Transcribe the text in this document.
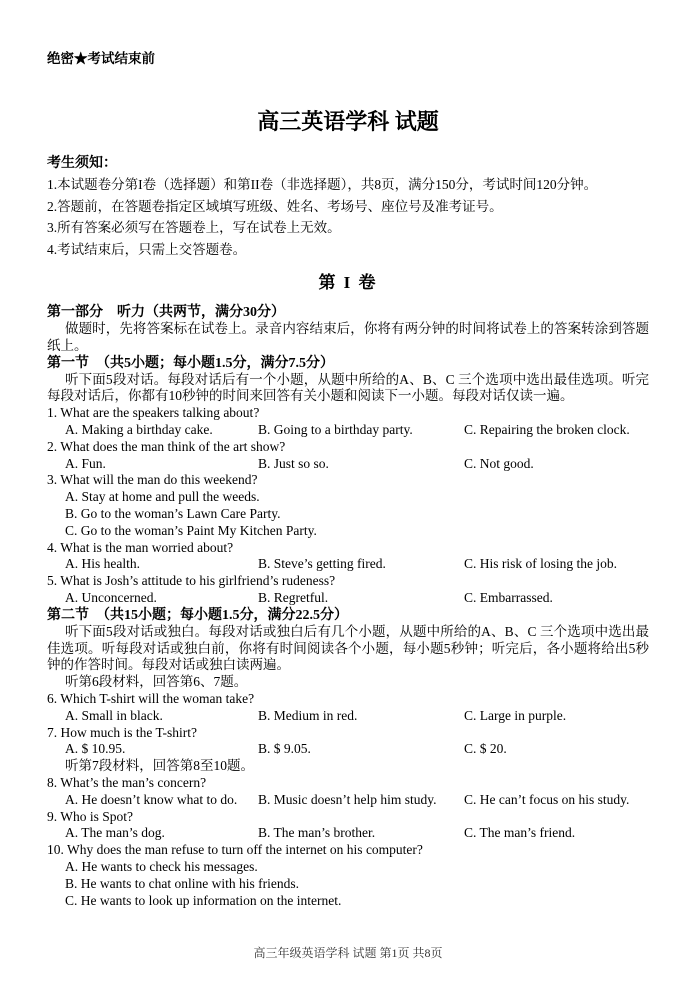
绝密★考试结束前
高三英语学科 试题
考生须知：
1.本试题卷分第I卷（选择题）和第II卷（非选择题），共8页，满分150分，考试时间120分钟。
2.答题前，在答题卷指定区域填写班级、姓名、考场号、座位号及准考证号。
3.所有答案必须写在答题卷上，写在试卷上无效。
4.考试结束后，只需上交答题卷。
第 I 卷
第一部分　听力（共两节，满分30分）

做题时，先将答案标在试卷上。录音内容结束后，你将有两分钟的时间将试卷上的答案转涂到答题纸上。

第一节　（共5小题；每小题1.5分，满分7.5分）

听下面5段对话。每段对话后有一个小题，从题中所给的A、B、C 三个选项中选出最佳选项。听完每段对话后，你都有10秒钟的时间来回答有关小题和阅读下一小题。每段对话仅读一遍。

1. What are the speakers talking about?
A. Making a birthday cake.	B. Going to a birthday party.	C. Repairing the broken clock.
2. What does the man think of the art show?
A. Fun.	B. Just so so.	C. Not good.
3. What will the man do this weekend?
A. Stay at home and pull the weeds.
B. Go to the woman’s Lawn Care Party.
C. Go to the woman’s Paint My Kitchen Party.
4. What is the man worried about?
A. His health.	B. Steve’s getting fired.	C. His risk of losing the job.
5. What is Josh’s attitude to his girlfriend’s rudeness?
A. Unconcerned.	B. Regretful.	C. Embarrassed.
第二节　（共15小题；每小题1.5分，满分22.5分）

听下面5段对话或独白。每段对话或独白后有几个小题，从题中所给的A、B、C 三个选项中选出最佳选项。听每段对话或独白前，你将有时间阅读各个小题，每小题5秒钟；听完后，各小题将给出5秒钟的作答时间。每段对话或独白读两遍。

听第6段材料，回答第6、7题。
6. Which T-shirt will the woman take?
A. Small in black.	B. Medium in red.	C. Large in purple.
7. How much is the T-shirt?
A. $ 10.95.	B. $ 9.05.	C. $ 20.
听第7段材料，回答第8至10题。
8. What’s the man’s concern?
A. He doesn’t know what to do.	B. Music doesn’t help him study.	C. He can’t focus on his study.
9. Who is Spot?
A. The man’s dog.	B. The man’s brother.	C. The man’s friend.
10. Why does the man refuse to turn off the internet on his computer?
A. He wants to check his messages.
B. He wants to chat online with his friends.
C. He wants to look up information on the internet.
高三年级英语学科 试题 第1页 共8页
